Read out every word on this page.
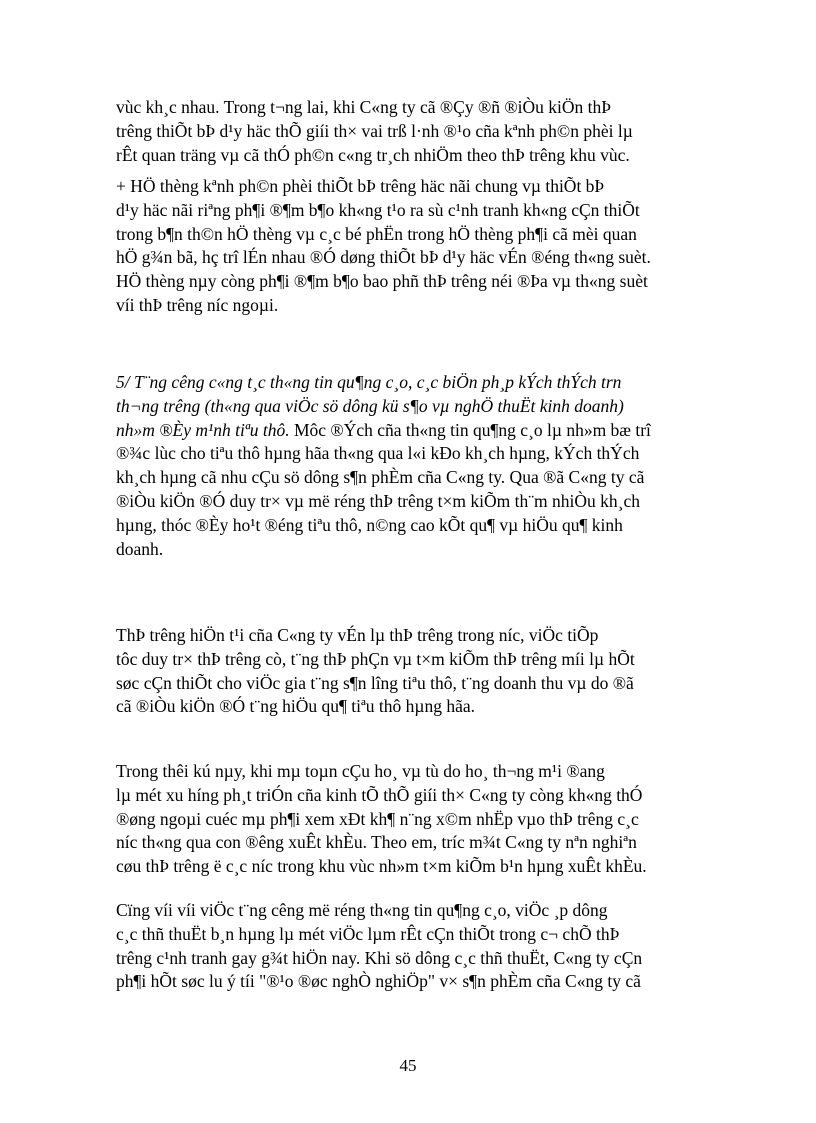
vùc kh¸c nhau. Trong t¬ng lai, khi C«ng ty cã ®Çy ®ñ ®iÒu kiÖn thÞ
trêng thiÕt bÞ d¹y häc thÕ giíi th× vai trß l·nh ®¹o cña kªnh ph©n phèi lµ
rÊt quan träng vµ cã thÓ ph©n c«ng tr¸ch nhiÖm theo thÞ trêng khu vùc.
+ HÖ thèng kªnh ph©n phèi thiÕt bÞ trêng häc nãi chung vµ thiÕt bÞ
d¹y häc nãi riªng ph¶i ®¶m b¶o kh«ng t¹o ra sù c¹nh tranh kh«ng cÇn thiÕt
trong b¶n th©n hÖ thèng vµ c¸c bé phËn trong hÖ thèng ph¶i cã mèi quan
hÖ g¾n bã, hç trî lÉn nhau ®Ó døng thiÕt bÞ d¹y häc vÉn ®éng th«ng suèt.
HÖ thèng nµy còng ph¶i ®¶m b¶o bao phñ thÞ trêng néi ®Þa vµ th«ng suèt
víi thÞ trêng níc ngoµi.
5/ T¨ng cêng c«ng t¸c th«ng tin qu¶ng c¸o, c¸c biÖn ph¸p kÝch thÝch trn
th¬ng trêng (th«ng qua viÖc sö dông kü s¶o vµ nghÖ thuËt kinh doanh)
nh»m ®Èy m¹nh tiªu thô. Môc ®Ých cña th«ng tin qu¶ng c¸o lµ nh»m bæ trî
®¾c lùc cho tiªu thô hµng hãa th«ng qua l«i kÐo kh¸ch hµng, kÝch thÝch
kh¸ch hµng cã nhu cÇu sö dông s¶n phÈm cña C«ng ty. Qua ®ã C«ng ty cã
®iÒu kiÖn ®Ó duy tr× vµ më réng thÞ trêng t×m kiÕm th¨m nhiÒu kh¸ch
hµng, thóc ®Èy ho¹t ®éng tiªu thô, n©ng cao kÕt qu¶ vµ hiÖu qu¶ kinh
doanh.
ThÞ trêng hiÖn t¹i cña C«ng ty vÉn lµ thÞ trêng trong níc, viÖc tiÕp
tôc duy tr× thÞ trêng cò, t¨ng thÞ phÇn vµ t×m kiÕm thÞ trêng míi lµ hÕt
søc cÇn thiÕt cho viÖc gia t¨ng s¶n lîng tiªu thô, t¨ng doanh thu vµ do ®ã
cã ®iÒu kiÖn ®Ó t¨ng hiÖu qu¶ tiªu thô hµng hãa.
Trong thêi kú nµy, khi mµ toµn cÇu ho¸ vµ tù do ho¸ th¬ng m¹i ®ang
lµ mét xu híng ph¸t triÓn cña kinh tÕ thÕ giíi th× C«ng ty còng kh«ng thÓ
®øng ngoµi cuéc mµ ph¶i xem xÐt kh¶ n¨ng x©m nhËp vµo thÞ trêng c¸c
níc th«ng qua con ®êng xuÊt khÈu. Theo em, tríc m¾t C«ng ty nªn nghiªn
cøu thÞ trêng ë c¸c níc trong khu vùc nh»m t×m kiÕm b¹n hµng xuÊt khÈu.
Cïng víi víi viÖc t¨ng cêng më réng th«ng tin qu¶ng c¸o, viÖc ¸p dông
c¸c thñ thuËt b¸n hµng lµ mét viÖc lµm rÊt cÇn thiÕt trong c¬ chÕ thÞ
trêng c¹nh tranh gay g¾t hiÖn nay. Khi sö dông c¸c thñ thuËt, C«ng ty cÇn
ph¶i hÕt søc lu ý tíi "®¹o ®øc nghÒ nghiÖp" v× s¶n phÈm cña C«ng ty cã
45
